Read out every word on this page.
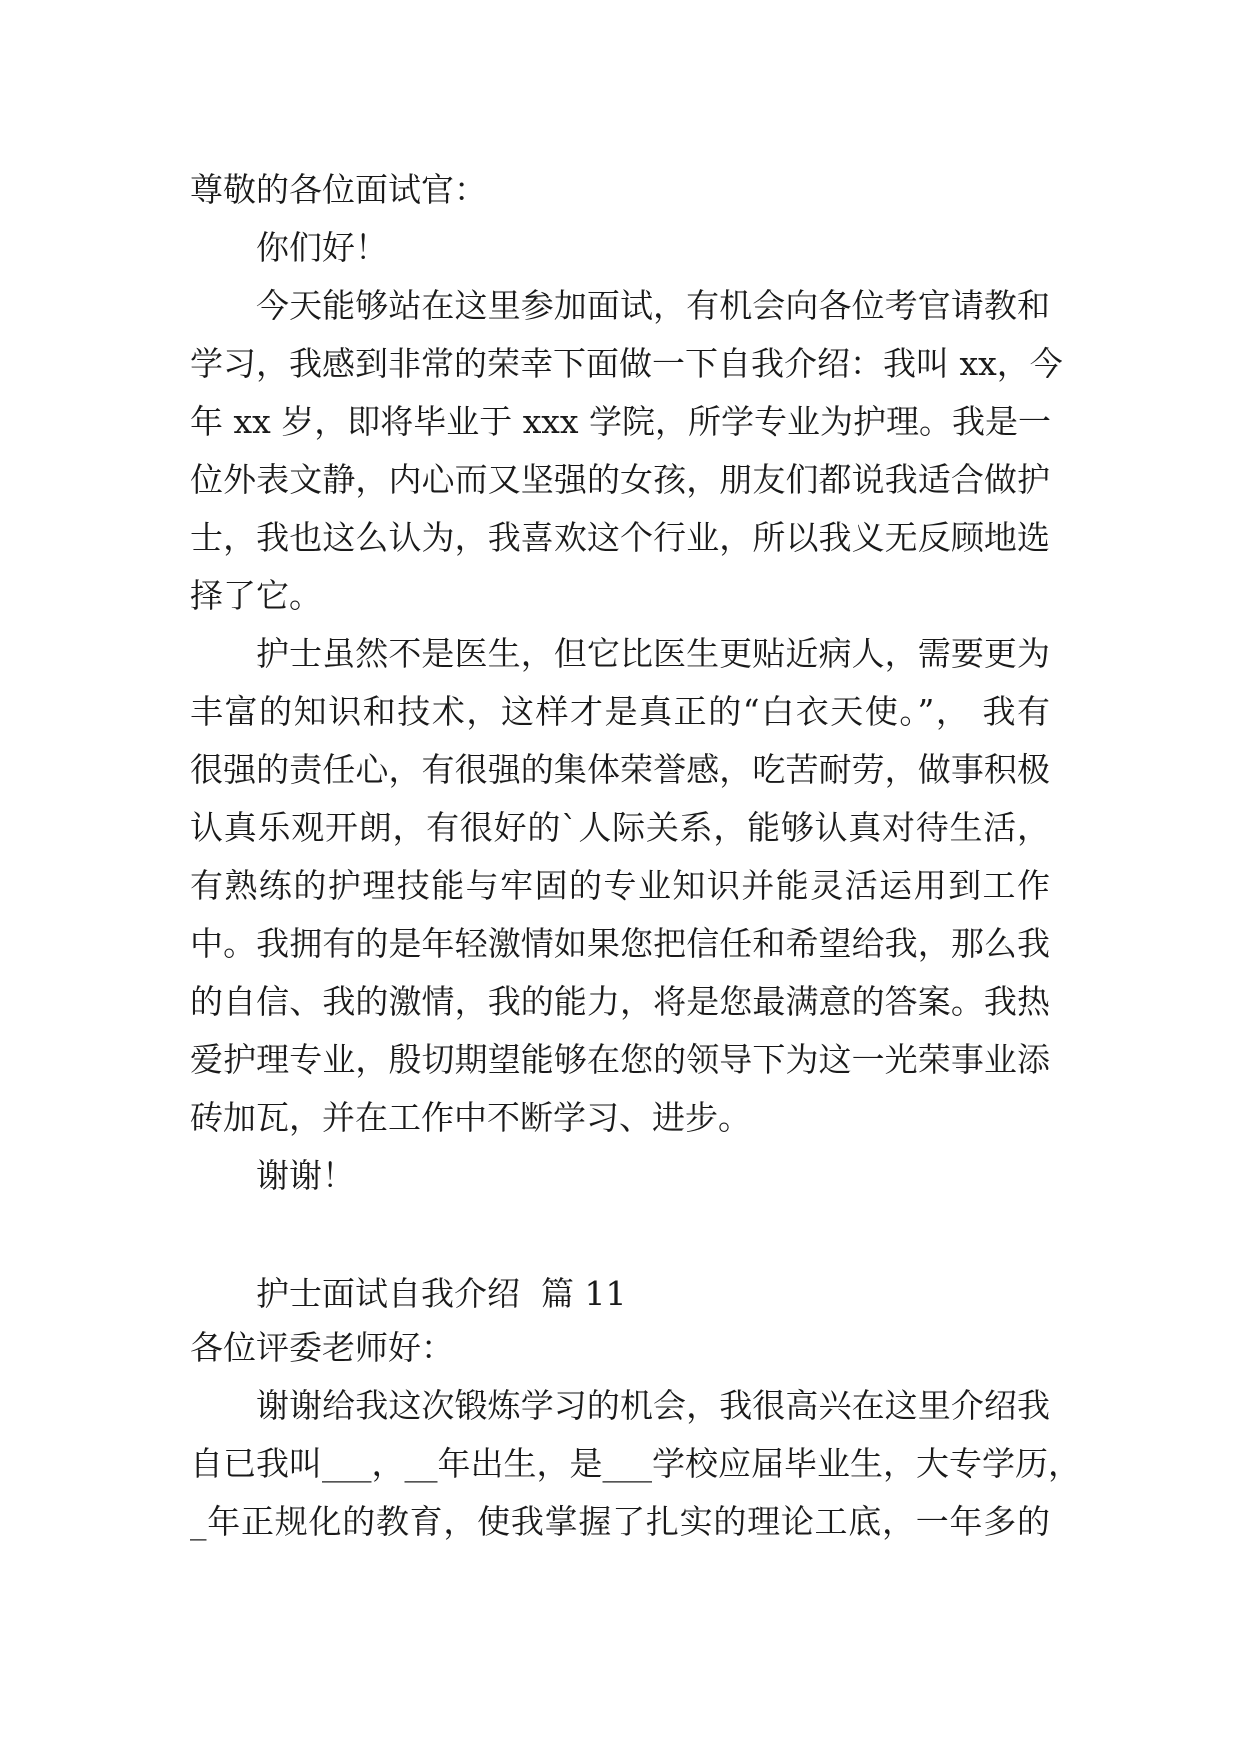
尊敬的各位面试官：
你们好！
今天能够站在这里参加面试，有机会向各位考官请教和
学习，我感到非常的荣幸下面做一下自我介绍：我叫 xx，今
年 xx 岁，即将毕业于 xxx 学院，所学专业为护理。我是一
位外表文静，内心而又坚强的女孩，朋友们都说我适合做护
士，我也这么认为，我喜欢这个行业，所以我义无反顾地选
择了它。
护士虽然不是医生，但它比医生更贴近病人，需要更为
丰富的知识和技术，这样才是真正的“白衣天使。”， 我有
很强的责任心，有很强的集体荣誉感，吃苦耐劳，做事积极
认真乐观开朗，有很好的`人际关系，能够认真对待生活，
有熟练的护理技能与牢固的专业知识并能灵活运用到工作
中。我拥有的是年轻激情如果您把信任和希望给我，那么我
的自信、我的激情，我的能力，将是您最满意的答案。我热
爱护理专业，殷切期望能够在您的领导下为这一光荣事业添
砖加瓦，并在工作中不断学习、进步。
谢谢！
护士面试自我介绍  篇 11
各位评委老师好：
谢谢给我这次锻炼学习的机会，我很高兴在这里介绍我
自已我叫___，__年出生，是___学校应届毕业生，大专学历，
_年正规化的教育，使我掌握了扎实的理论工底，一年多的
